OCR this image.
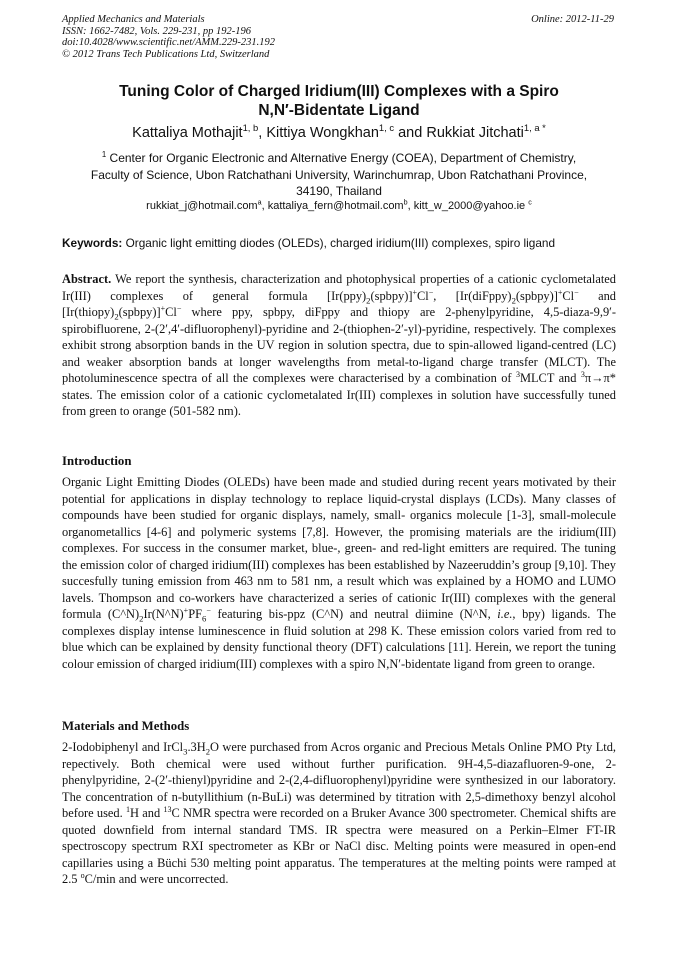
Applied Mechanics and Materials
ISSN: 1662-7482, Vols. 229-231, pp 192-196
doi:10.4028/www.scientific.net/AMM.229-231.192
© 2012 Trans Tech Publications Ltd, Switzerland
Online: 2012-11-29
Tuning Color of Charged Iridium(III) Complexes with a Spiro
N,N′-Bidentate Ligand
Kattaliya Mothajit$^{1, b}$, Kittiya Wongkhan$^{1, c}$ and Rukkiat Jitchati$^{1, a *}$
$^1$ Center for Organic Electronic and Alternative Energy (COEA), Department of Chemistry,
Faculty of Science, Ubon Ratchathani University, Warinchumrap, Ubon Ratchathani Province,
34190, Thailand
rukkiat_j@hotmail.com$^a$, kattaliya_fern@hotmail.com$^b$, kitt_w_2000@yahoo.ie $^c$
Keywords: Organic light emitting diodes (OLEDs), charged iridium(III) complexes, spiro ligand
Abstract. We report the synthesis, characterization and photophysical properties of a cationic cyclometalated Ir(III) complexes of general formula $[Ir(ppy)_2(spbpy)]^+Cl^-$, $[Ir(diFppy)_2(spbpy)]^+Cl^-$ and $[Ir(thiopy)_2(spbpy)]^+Cl^-$ where ppy, spbpy, diFppy and thiopy are 2-phenylpyridine, 4,5-diaza-9,9′-spirobifluorene, 2-(2′,4′-difluorophenyl)-pyridine and 2-(thiophen-2′-yl)-pyridine, respectively. The complexes exhibit strong absorption bands in the UV region in solution spectra, due to spin-allowed ligand-centred (LC) and weaker absorption bands at longer wavelengths from metal-to-ligand charge transfer (MLCT). The photoluminescence spectra of all the complexes were characterised by a combination of $^3$MLCT and $^3$π→π* states. The emission color of a cationic cyclometalated Ir(III) complexes in solution have successfully tuned from green to orange (501-582 nm).
Introduction
Organic Light Emitting Diodes (OLEDs) have been made and studied during recent years motivated by their potential for applications in display technology to replace liquid-crystal displays (LCDs). Many classes of compounds have been studied for organic displays, namely, small- organics molecule [1-3], small-molecule organometallics [4-6] and polymeric systems [7,8]. However, the promising materials are the iridium(III) complexes. For success in the consumer market, blue-, green- and red-light emitters are required. The tuning the emission color of charged iridium(III) complexes has been established by Nazeeruddin’s group [9,10]. They succesfully tuning emission from 463 nm to 581 nm, a result which was explained by a HOMO and LUMO lavels. Thompson and co-workers have characterized a series of cationic Ir(III) complexes with the general formula $(C\^{}N)_2Ir(N\^{}N)^+PF_6^-$ featuring bis-ppz (C^N) and neutral diimine (N^N, i.e., bpy) ligands. The complexes display intense luminescence in fluid solution at 298 K. These emission colors varied from red to blue which can be explained by density functional theory (DFT) calculations [11]. Herein, we report the tuning colour emission of charged iridium(III) complexes with a spiro N,N′-bidentate ligand from green to orange.
Materials and Methods
2-Iodobiphenyl and $IrCl_3.3H_2O$ were purchased from Acros organic and Precious Metals Online PMO Pty Ltd, repectively. Both chemical were used without further purification. 9H-4,5-diazafluoren-9-one, 2-phenylpyridine, 2-(2′-thienyl)pyridine and 2-(2,4-difluorophenyl)pyridine were synthesized in our laboratory. The concentration of n-butyllithium (n-BuLi) was determined by titration with 2,5-dimethoxy benzyl alcohol before used. $^1$H and $^{13}$C NMR spectra were recorded on a Bruker Avance 300 spectrometer. Chemical shifts are quoted downfield from internal standard TMS. IR spectra were measured on a Perkin–Elmer FT-IR spectroscopy spectrum RXI spectrometer as KBr or NaCl disc. Melting points were measured in open-end capillaries using a Büchi 530 melting point apparatus. The temperatures at the melting points were ramped at 2.5 $^o$C/min and were uncorrected.
